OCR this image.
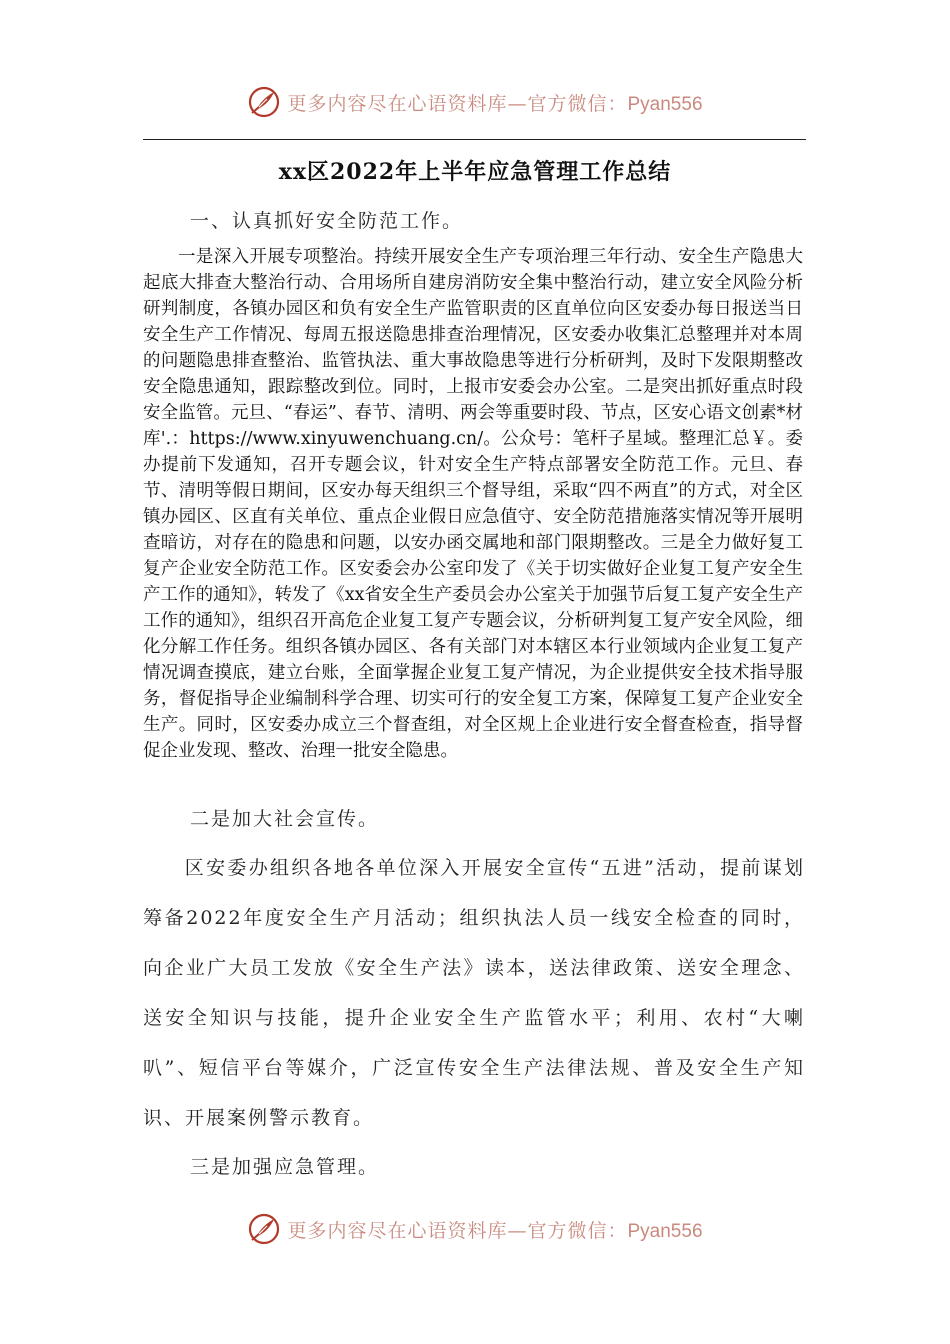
更多内容尽在心语资料库—官方微信：Pyan556
xx区2022年上半年应急管理工作总结
一、认真抓好安全防范工作。
一是深入开展专项整治。持续开展安全生产专项治理三年行动、安全生产隐患大起底大排查大整治行动、合用场所自建房消防安全集中整治行动，建立安全风险分析研判制度，各镇办园区和负有安全生产监管职责的区直单位向区安委办每日报送当日安全生产工作情况、每周五报送隐患排查治理情况，区安委办收集汇总整理并对本周的问题隐患排查整治、监管执法、重大事故隐患等进行分析研判，及时下发限期整改安全隐患通知，跟踪整改到位。同时，上报市安委会办公室。二是突出抓好重点时段安全监管。元旦、“春运”、春节、清明、两会等重要时段、节点，区安心语文创素*材库'.：https://www.xinyuwenchuang.cn/。公众号：笔杆子星域。整理汇总￥。委办提前下发通知，召开专题会议，针对安全生产特点部署安全防范工作。元旦、春节、清明等假日期间，区安办每天组织三个督导组，采取“四不两直”的方式，对全区镇办园区、区直有关单位、重点企业假日应急值守、安全防范措施落实情况等开展明查暗访，对存在的隐患和问题，以安办函交属地和部门限期整改。三是全力做好复工复产企业安全防范工作。区安委会办公室印发了《关于切实做好企业复工复产安全生产工作的通知》，转发了《xx省安全生产委员会办公室关于加强节后复工复产安全生产工作的通知》，组织召开高危企业复工复产专题会议，分析研判复工复产安全风险，细化分解工作任务。组织各镇办园区、各有关部门对本辖区本行业领域内企业复工复产情况调查摸底，建立台账，全面掌握企业复工复产情况，为企业提供安全技术指导服务，督促指导企业编制科学合理、切实可行的安全复工方案，保障复工复产企业安全生产。同时，区安委办成立三个督查组，对全区规上企业进行安全督查检查，指导督促企业发现、整改、治理一批安全隐患。
二是加大社会宣传。
区安委办组织各地各单位深入开展安全宣传“五进”活动，提前谋划筹备2022年度安全生产月活动；组织执法人员一线安全检查的同时，向企业广大员工发放《安全生产法》读本，送法律政策、送安全理念、送安全知识与技能，提升企业安全生产监管水平；利用、农村“大喇叭”、短信平台等媒介，广泛宣传安全生产法律法规、普及安全生产知识、开展案例警示教育。
三是加强应急管理。
更多内容尽在心语资料库—官方微信：Pyan556
